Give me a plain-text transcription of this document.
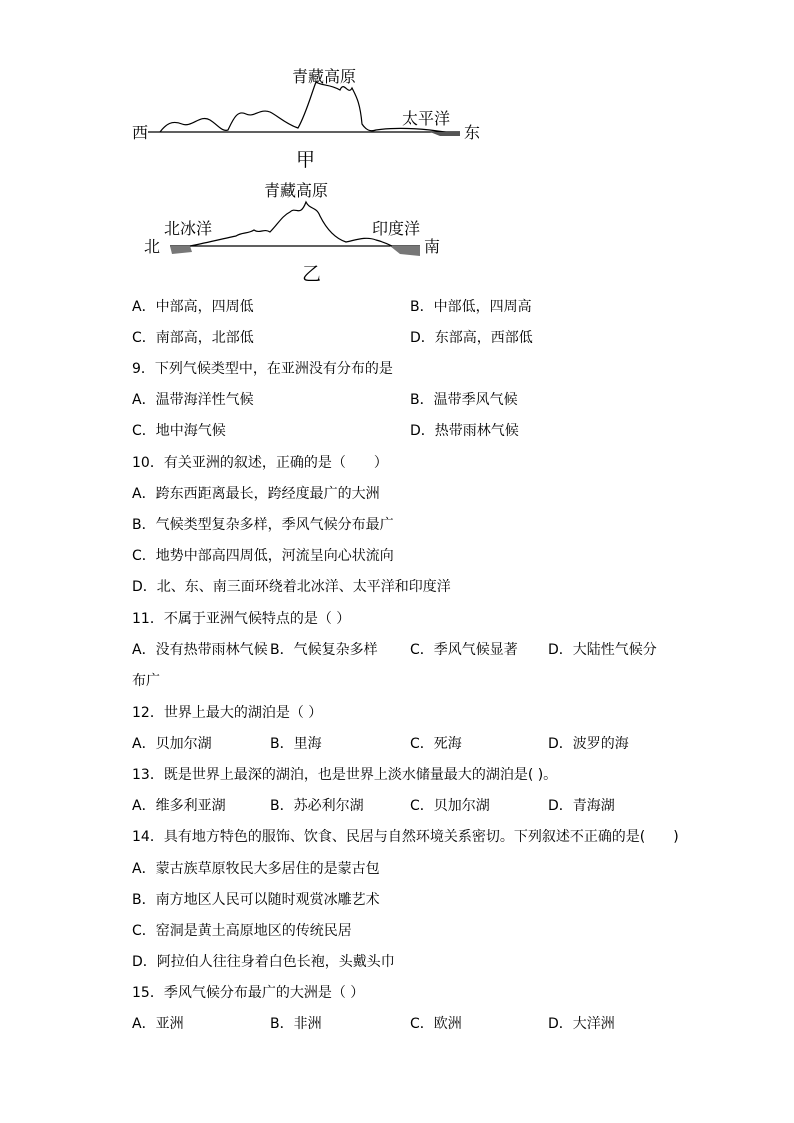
青藏高原
西	东
太平洋
甲
青藏高原
北	南
北冰洋	印度洋
乙
A．中部高，四周低	B．中部低，四周高
C．南部高，北部低	D．东部高，西部低
9．下列气候类型中，在亚洲没有分布的是
A．温带海洋性气候	B．温带季风气候
C．地中海气候	D．热带雨林气候
10．有关亚洲的叙述，正确的是（　　）
A．跨东西距离最长，跨经度最广的大洲
B．气候类型复杂多样，季风气候分布最广
C．地势中部高四周低，河流呈向心状流向
D．北、东、南三面环绕着北冰洋、太平洋和印度洋
11．不属于亚洲气候特点的是（ ）
A．没有热带雨林气候 B．气候复杂多样 C．季风气候显著 D．大陆性气候分
布广
12．世界上最大的湖泊是（ ）
A．贝加尔湖	B．里海	C．死海	D．波罗的海
13．既是世界上最深的湖泊，也是世界上淡水储量最大的湖泊是( )。
A．维多利亚湖	B．苏必利尔湖	C．贝加尔湖	D．青海湖
14．具有地方特色的服饰、饮食、民居与自然环境关系密切。下列叙述不正确的是(　　)
A．蒙古族草原牧民大多居住的是蒙古包
B．南方地区人民可以随时观赏冰雕艺术
C．窑洞是黄土高原地区的传统民居
D．阿拉伯人往往身着白色长袍，头戴头巾
15．季风气候分布最广的大洲是（ ）
A．亚洲	B．非洲	C．欧洲	D．大洋洲
